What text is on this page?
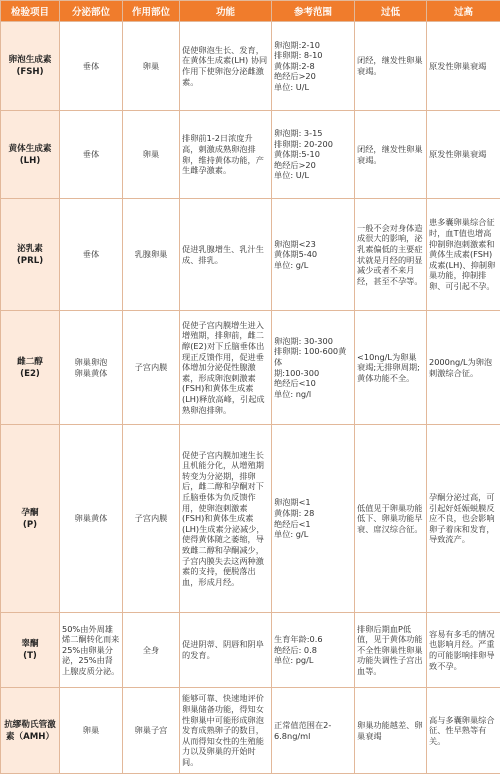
检验项目	分泌部位	作用部位	功能	参考范围	过低	过高

卵泡生成素
(FSH)	垂体	卵巢	促使卵泡生长、发育，在黄体生成素(LH) 协同作用下使卵泡分泌雌激素。	卵泡期:2-10
排卵期: 8-10
黄体期:2-8
绝经后>20
单位: U/L	闭经，继发性卵巢衰竭。	原发性卵巢衰竭

黄体生成素
(LH)	垂体	卵巢	排卵前1-2日浓度升高，刺激成熟卵泡排卵，维持黄体功能，产生雌孕激素。	卵泡期: 3-15
排卵期: 20-200
黄体期:5-10
绝经后>20
单位: U/L	闭经，继发性卵巢衰竭。	原发性卵巢衰竭

泌乳素
(PRL)	垂体	乳腺卵巢	促进乳腺增生、乳汁生成、排乳。	卵泡期<23
黄体期5-40
单位: g/L	一般不会对身体造成很大的影响，泌乳素偏低的主要症状就是月经的明显减少或者不来月经，甚至不孕等。	患多囊卵巢综合征时，血T值也增高抑制卵泡刺激素和黄体生成素(FSH)成素(LH)、抑制卵巢功能，抑制排卵、可引起不孕。

雌二醇
(E2)	卵巢卵泡
卵巢黄体	子宫内膜	促使子宫内膜增生进入增殖期，排卵前，雌二醇(E2)对下丘脑垂体出现正反馈作用，促进垂体增加分泌促性腺激素，形成卵泡刺激素(FSH)和黄体生成素(LH)释放高峰，引起成熟卵泡排卵。	卵泡期: 30-300
排卵期: 100-600黄体
期:100-300
绝经后<10
单位: ng/l	<10ng/L为卵巢衰竭;无排卵周期;黄体功能不全。	2000ng/L为卵泡刺激综合征。

孕酮
(P)	卵巢黄体	子宫内膜	促使子宫内膜加速生长且机能分化，从增殖期转变为分泌期，排卵后，雌二醇和孕酮对下丘脑垂体为负反馈作用，使卵泡刺激素(FSH)和黄体生成素(LH)生成素分泌减少，使得黄体随之萎缩，导致雌二醇和孕酮减少，子宫内膜失去这两种激素的支持，便脱落出血，形成月经。	卵泡期<1
黄体期: 28
绝经后<1
单位: g/L	低值见于卵巢功能低下、卵巢功能早衰、席汉综合征。	孕酮分泌过高，可引起好妊娠蜕膜反应不良，也会影响卵子着床和发育，导致流产。

睾酮
(T)	50%由外周雄烯二酮转化而来25%由卵巢分泌，25%由肾上腺皮质分泌。	全身	促进阴蒂、阴唇和阴阜的发育。	生育年龄:0.6
绝经后: 0.8
单位: pg/L	排卵后期血P低值，见于黄体功能不全性卵巢性卵巢功能失调性子宫出血等。	容易有多毛的情况也影响月经。严重的可能影响排卵导致不孕。

抗缪勒氏管激素（AMH）	卵巢	卵巢子宫	能够可靠、快速地评价卵巢储备功能，得知女性卵巢中可能形成卵泡发育成熟卵子的数目，从而得知女性的生殖能力以及卵巢的开始时间。	正常值范围在2-6.8ng/ml	卵巢功能越差、卵巢衰竭	高与多囊卵巢综合征、性早熟等有关。
